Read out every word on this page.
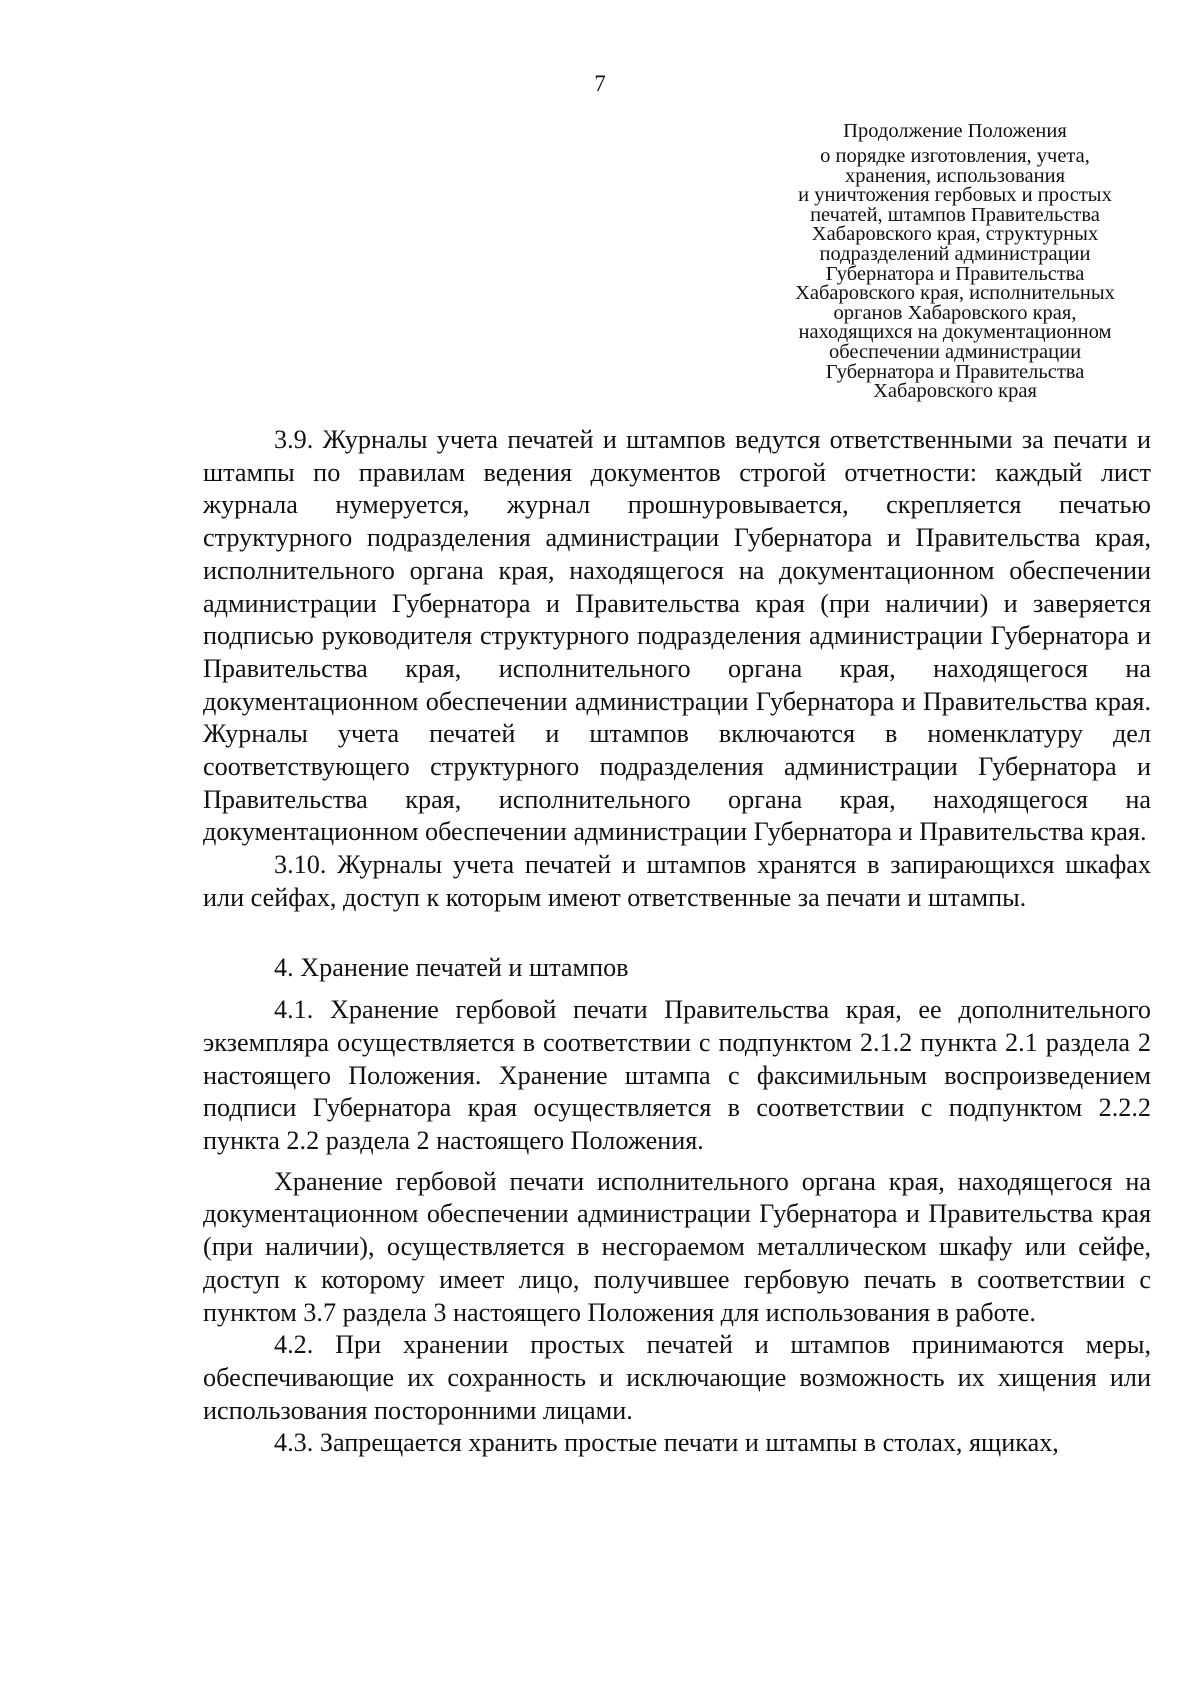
7
Продолжение Положения
о порядке изготовления, учета,
хранения, использования
и уничтожения гербовых и простых
печатей, штампов Правительства
Хабаровского края, структурных
подразделений администрации
Губернатора и Правительства
Хабаровского края, исполнительных
органов Хабаровского края,
находящихся на документационном
обеспечении администрации
Губернатора и Правительства
Хабаровского края

3.9. Журналы учета печатей и штампов ведутся ответственными за печати и штампы по правилам ведения документов строгой отчетности: каждый лист журнала нумеруется, журнал прошнуровывается, скрепляется печатью структурного подразделения администрации Губернатора и Правительства края, исполнительного органа края, находящегося на документационном обеспечении администрации Губернатора и Правительства края (при наличии) и заверяется подписью руководителя структурного подразделения администрации Губернатора и Правительства края, исполнительного органа края, находящегося на документационном обеспечении администрации Губернатора и Правительства края. Журналы учета печатей и штампов включаются в номенклатуру дел соответствующего структурного подразделения администрации Губернатора и Правительства края, исполнительного органа края, находящегося на документационном обеспечении администрации Губернатора и Правительства края.

3.10. Журналы учета печатей и штампов хранятся в запирающихся шкафах или сейфах, доступ к которым имеют ответственные за печати и штампы.

4. Хранение печатей и штампов

4.1. Хранение гербовой печати Правительства края, ее дополнительного экземпляра осуществляется в соответствии с подпунктом 2.1.2 пункта 2.1 раздела 2 настоящего Положения. Хранение штампа с факсимильным воспроизведением подписи Губернатора края осуществляется в соответствии с подпунктом 2.2.2 пункта 2.2 раздела 2 настоящего Положения.

Хранение гербовой печати исполнительного органа края, находящегося на документационном обеспечении администрации Губернатора и Правительства края (при наличии), осуществляется в несгораемом металлическом шкафу или сейфе, доступ к которому имеет лицо, получившее гербовую печать в соответствии с пунктом 3.7 раздела 3 настоящего Положения для использования в работе.

4.2. При хранении простых печатей и штампов принимаются меры, обеспечивающие их сохранность и исключающие возможность их хищения или использования посторонними лицами.

4.3. Запрещается хранить простые печати и штампы в столах, ящиках,
